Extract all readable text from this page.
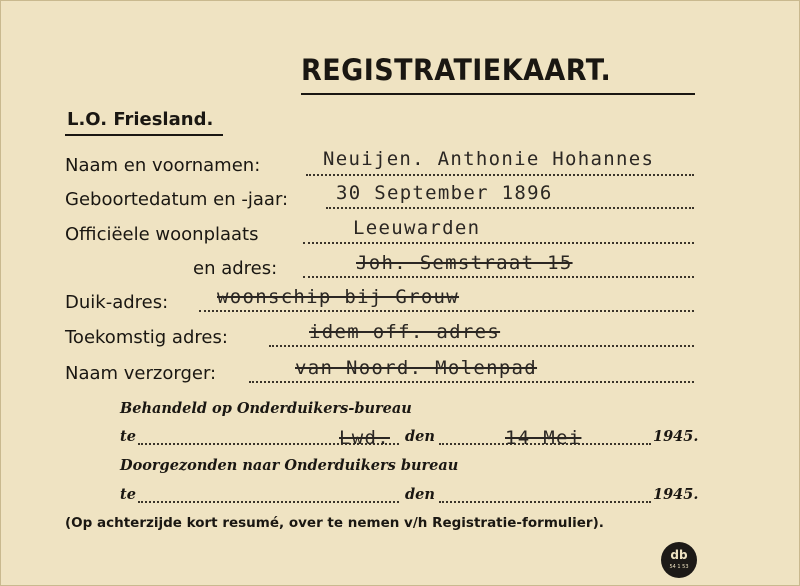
REGISTRATIEKAART.
L.O. Friesland.
Naam en voornamen:	Neuijen. Anthonie Hohannes
Geboortedatum en -jaar:	30 September 1896
Officiëele woonplaats	Leeuwarden
en adres:	Joh. Semstraat 15
Duik-adres:	woonschip bij Grouw
Toekomstig adres:	idem off. adres
Naam verzorger:	van Noord. Molenpad
Behandeld op Onderduikers-bureau
te	Lwd. den	14 Mei	1945.
Doorgezonden naar Onderduikers bureau
te	den	1945.
(Op achterzijde kort resumé, over te nemen v/h Registratie-formulier).
db
54 1 53
